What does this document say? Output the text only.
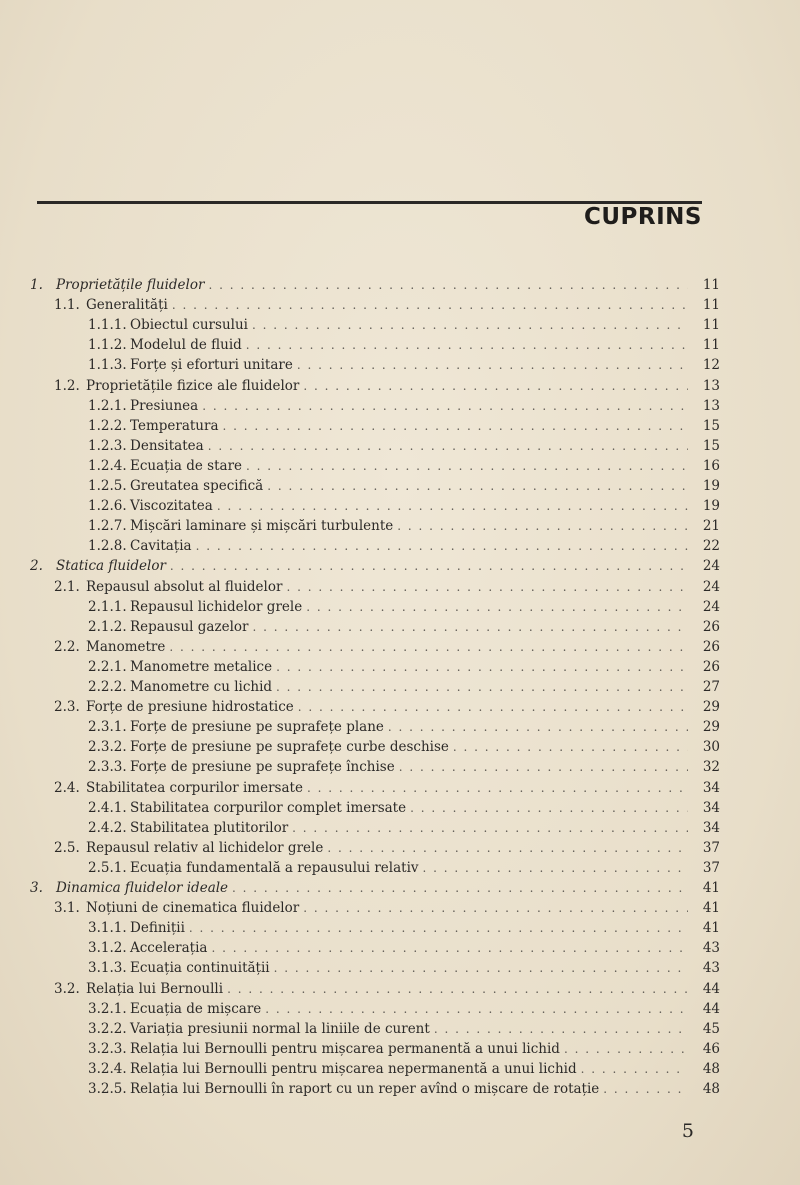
CUPRINS
1. Proprietățile fluidelor . . .	11
1.1. Generalități . . .	11
1.1.1. Obiectul cursului . . .	11
1.1.2. Modelul de fluid . . .	11
1.1.3. Forțe și eforturi unitare . . .	12
1.2. Proprietățile fizice ale fluidelor . . .	13
1.2.1. Presiunea . . .	13
1.2.2. Temperatura . . .	15
1.2.3. Densitatea . . .	15
1.2.4. Ecuația de stare . . .	16
1.2.5. Greutatea specifică . . .	19
1.2.6. Viscozitatea . . .	19
1.2.7. Mișcări laminare și mișcări turbulente . . .	21
1.2.8. Cavitația . . .	22
2. Statica fluidelor . . .	24
2.1. Repausul absolut al fluidelor . . .	24
2.1.1. Repausul lichidelor grele . . .	24
2.1.2. Repausul gazelor . . .	26
2.2. Manometre . . .	26
2.2.1. Manometre metalice . . .	26
2.2.2. Manometre cu lichid . . .	27
2.3. Forțe de presiune hidrostatice . . .	29
2.3.1. Forțe de presiune pe suprafețe plane . . .	29
2.3.2. Forțe de presiune pe suprafețe curbe deschise . . .	30
2.3.3. Forțe de presiune pe suprafețe închise . . .	32
2.4. Stabilitatea corpurilor imersate . . .	34
2.4.1. Stabilitatea corpurilor complet imersate . . .	34
2.4.2. Stabilitatea plutitorilor . . .	34
2.5. Repausul relativ al lichidelor grele . . .	37
2.5.1. Ecuația fundamentală a repausului relativ . . .	37
3. Dinamica fluidelor ideale . . .	41
3.1. Noțiuni de cinematica fluidelor . . .	41
3.1.1. Definiții . . .	41
3.1.2. Accelerația . . .	43
3.1.3. Ecuația continuității . . .	43
3.2. Relația lui Bernoulli . . .	44
3.2.1. Ecuația de mișcare . . .	44
3.2.2. Variația presiunii normal la liniile de curent . . .	45
3.2.3. Relația lui Bernoulli pentru mișcarea permanentă a unui lichid . . .	46
3.2.4. Relația lui Bernoulli pentru mișcarea nepermanentă a unui lichid . . .	48
3.2.5. Relația lui Bernoulli în raport cu un reper avînd o mișcare de rotație . . .	48
5
